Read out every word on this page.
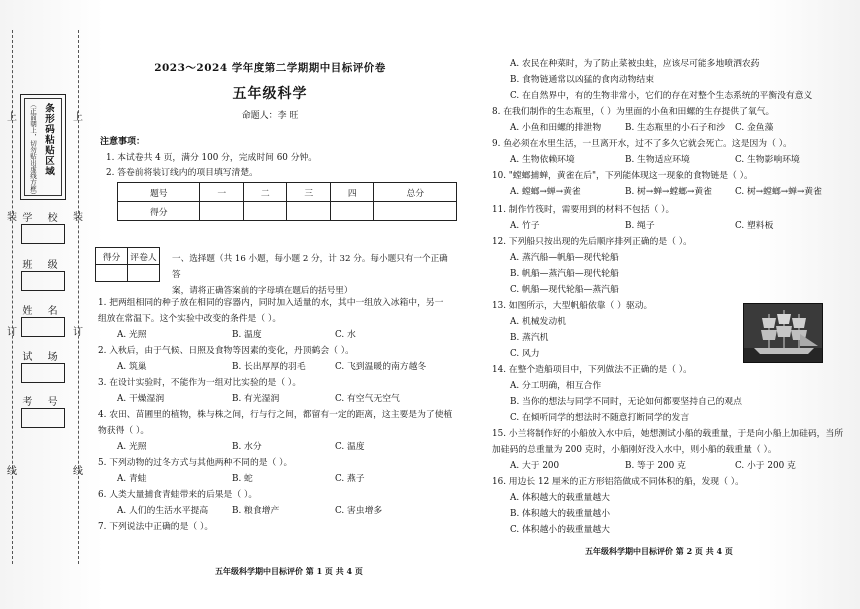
上	上
装	装
订	订
线	线
条形码粘贴区域
（正面朝上，切勿贴出虚线方框）
学 校
班 级
姓 名
试 场
考 号
2023～2024 学年度第二学期期中目标评价卷
五年级科学
命题人：李 旺
注意事项：
1. 本试卷共 4 页，满分 100 分，完成时间 60 分钟。
2. 答卷前将装订线内的项目填写清楚。
题号	一	二	三	四	总分
得分					
得分	评卷人
	一、选择题（共 16 小题，每小题 2 分，计 32 分。每小题只有一个正确答
案，请将正确答案前的字母填在题后的括号里）
1. 把两组相同的种子放在相同的容器内，同时加入适量的水，其中一组放入冰箱中，另一
组放在常温下。这个实验中改变的条件是（ ）。
A. 光照	B. 温度	C. 水
2. 入秋后，由于气候、日照及食物等因素的变化，丹顶鹤会（ ）。
A. 筑巢	B. 长出厚厚的羽毛	C. 飞到温暖的南方越冬
3. 在设计实验时，不能作为一组对比实验的是（ ）。
A. 干燥湿润	B. 有光湿润	C. 有空气无空气
4. 农田、苗圃里的植物，株与株之间，行与行之间，都留有一定的距离，这主要是为了使植
物获得（ ）。
A. 光照	B. 水分	C. 温度
5. 下列动物的过冬方式与其他两种不同的是（ ）。
A. 青蛙	B. 蛇	C. 燕子
6. 人类大量捕食青蛙带来的后果是（ ）。
A. 人们的生活水平提高	B. 粮食增产	C. 害虫增多
7. 下列说法中正确的是（ ）。
五年级科学期中目标评价 第 1 页 共 4 页
A. 农民在种菜时，为了防止菜被虫蛀，应该尽可能多地喷洒农药
B. 食物链通常以凶猛的食肉动物结束
C. 在自然界中，有的生物非常小，它们的存在对整个生态系统的平衡没有意义
8. 在我们制作的生态瓶里，（ ）为里面的小鱼和田螺的生存提供了氧气。
A. 小鱼和田螺的排泄物	B. 生态瓶里的小石子和沙 C. 金鱼藻
9. 鱼必须在水里生活，一旦离开水，过不了多久它就会死亡。这是因为（ ）。
A. 生物依赖环境	B. 生物适应环境	C. 生物影响环境
10. "螳螂捕蝉，黄雀在后"，下列能体现这一现象的食物链是（ ）。
A. 螳螂→蝉→黄雀	B. 树→蝉→螳螂→黄雀	C. 树→螳螂→蝉→黄雀
11. 制作竹筏时，需要用到的材料不包括（ ）。
A. 竹子	B. 绳子	C. 塑料板
12. 下列船只按出现的先后顺序排列正确的是（ ）。
A. 蒸汽船—帆船—现代轮船
B. 帆船—蒸汽船—现代轮船
C. 帆船—现代轮船—蒸汽船
13. 如图所示，大型帆船依靠（ ）驱动。
A. 机械发动机
B. 蒸汽机
C. 风力
14. 在整个造船项目中，下列做法不正确的是（ ）。
A. 分工明确，相互合作
B. 当你的想法与同学不同时，无论如何都要坚持自己的观点
C. 在倾听同学的想法时不随意打断同学的发言
15. 小兰将制作好的小船放入水中后，她想测试小船的载重量，于是向小船上加硅码，当所
加硅码的总重量为 200 克时，小船刚好没入水中，则小船的载重量（ ）。
A. 大于 200	B. 等于 200 克	C. 小于 200 克
16. 用边长 12 厘米的正方形铝箔做成不同体积的船，发现（ ）。
A. 体积越大的载重量越大
B. 体积越大的载重量越小
C. 体积越小的载重量越大
五年级科学期中目标评价 第 2 页 共 4 页
